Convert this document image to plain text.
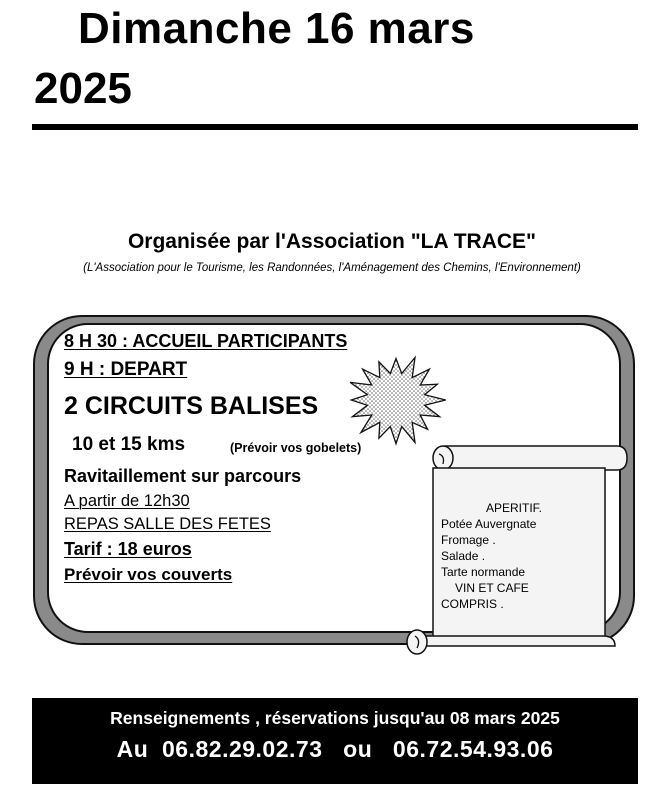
Dimanche 16 mars
2025
Organisée par l'Association "LA TRACE"
(L'Association pour le Tourisme, les Randonnées, l'Aménagement des Chemins, l'Environnement)
8 H 30 : ACCUEIL PARTICIPANTS
9 H : DEPART
2 CIRCUITS BALISES
10 et 15 kms	(Prévoir vos gobelets)
Ravitaillement sur parcours
A partir de 12h30
REPAS SALLE DES FETES
Tarif : 18 euros
Prévoir vos couverts
APERITIF.
Potée Auvergnate
Fromage .
Salade .
Tarte normande
VIN ET CAFE
COMPRIS .
Renseignements , réservations jusqu'au 08 mars 2025
Au  06.82.29.02.73   ou   06.72.54.93.06
